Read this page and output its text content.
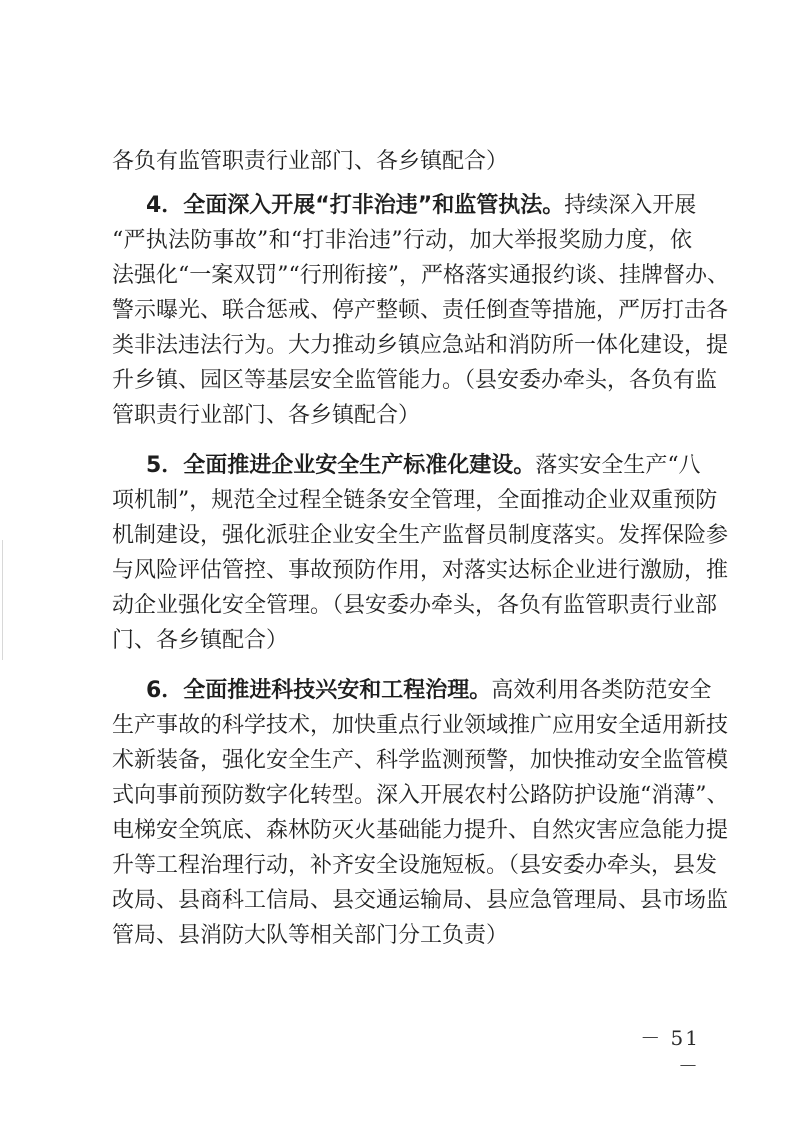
各负有监管职责行业部门、各乡镇配合）
4．全面深入开展“打非治违”和监管执法。持续深入开展
“严执法防事故”和“打非治违”行动，加大举报奖励力度，依
法强化“一案双罚”“行刑衔接”，严格落实通报约谈、挂牌督办、
警示曝光、联合惩戒、停产整顿、责任倒查等措施，严厉打击各
类非法违法行为。大力推动乡镇应急站和消防所一体化建设，提
升乡镇、园区等基层安全监管能力。（县安委办牵头，各负有监
管职责行业部门、各乡镇配合）
5．全面推进企业安全生产标准化建设。落实安全生产“八
项机制”，规范全过程全链条安全管理，全面推动企业双重预防
机制建设，强化派驻企业安全生产监督员制度落实。发挥保险参
与风险评估管控、事故预防作用，对落实达标企业进行激励，推
动企业强化安全管理。（县安委办牵头，各负有监管职责行业部
门、各乡镇配合）
6．全面推进科技兴安和工程治理。高效利用各类防范安全
生产事故的科学技术，加快重点行业领域推广应用安全适用新技
术新装备，强化安全生产、科学监测预警，加快推动安全监管模
式向事前预防数字化转型。深入开展农村公路防护设施“消薄”、
电梯安全筑底、森林防灭火基础能力提升、自然灾害应急能力提
升等工程治理行动，补齐安全设施短板。（县安委办牵头，县发
改局、县商科工信局、县交通运输局、县应急管理局、县市场监
管局、县消防大队等相关部门分工负责）
－ 51 －
